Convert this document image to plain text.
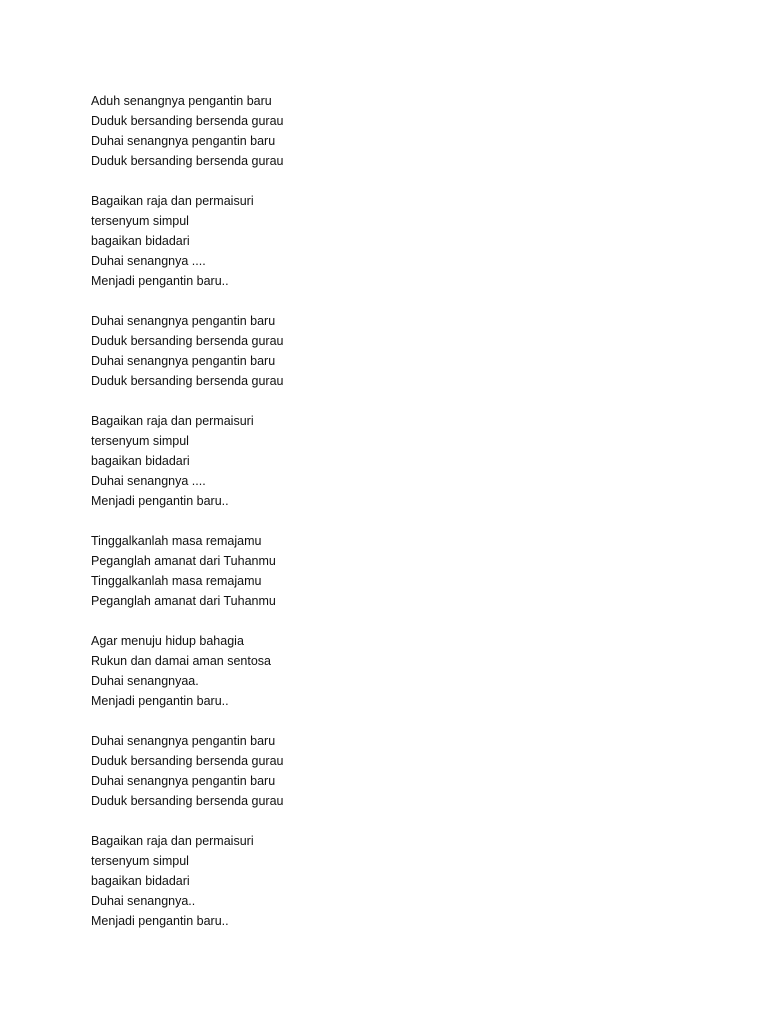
Aduh senangnya pengantin baru
Duduk bersanding bersenda gurau
Duhai senangnya pengantin baru
Duduk bersanding bersenda gurau
Bagaikan raja dan permaisuri
tersenyum simpul
bagaikan bidadari
Duhai senangnya ....
Menjadi pengantin baru..
Duhai senangnya pengantin baru
Duduk bersanding bersenda gurau
Duhai senangnya pengantin baru
Duduk bersanding bersenda gurau
Bagaikan raja dan permaisuri
tersenyum simpul
bagaikan bidadari
Duhai senangnya ....
Menjadi pengantin baru..
Tinggalkanlah masa remajamu
Peganglah amanat dari Tuhanmu
Tinggalkanlah masa remajamu
Peganglah amanat dari Tuhanmu
Agar menuju hidup bahagia
Rukun dan damai aman sentosa
Duhai senangnyaa.
Menjadi pengantin baru..
Duhai senangnya pengantin baru
Duduk bersanding bersenda gurau
Duhai senangnya pengantin baru
Duduk bersanding bersenda gurau
Bagaikan raja dan permaisuri
tersenyum simpul
bagaikan bidadari
Duhai senangnya..
Menjadi pengantin baru..
